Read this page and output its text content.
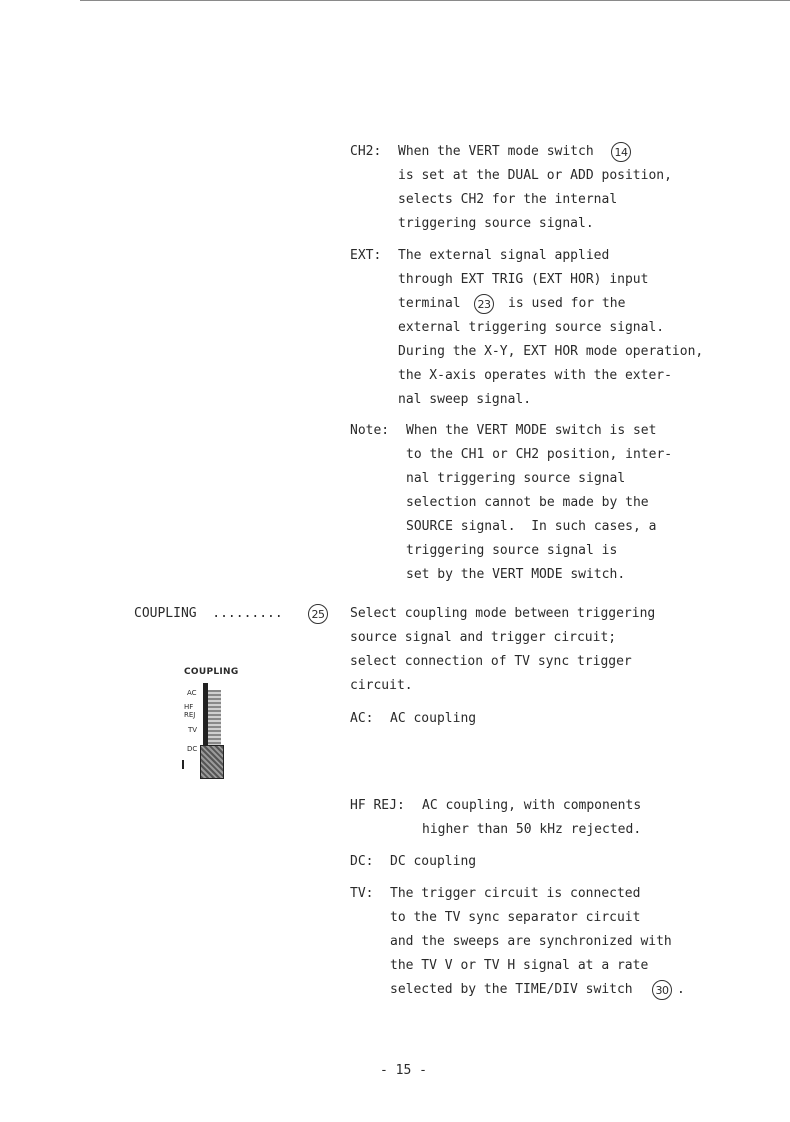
CH2: When the VERT mode switch	14
is set at the DUAL or ADD position,
selects CH2 for the internal
triggering source signal.
EXT: The external signal applied
through EXT TRIG (EXT HOR) input
terminal	23 is used for the
external triggering source signal.
During the X-Y, EXT HOR mode operation,
the X-axis operates with the exter-
nal sweep signal.
Note: When the VERT MODE switch is set
to the CH1 or CH2 position, inter-
nal triggering source signal
selection cannot be made by the
SOURCE signal.  In such cases, a
triggering source signal is
set by the VERT MODE switch.
COUPLING  .........	25 Select coupling mode between triggering
source signal and trigger circuit;
select connection of TV sync trigger
circuit.
COUPLING
AC
HF
REJ
TV
DC
AC: AC coupling
HF REJ: AC coupling, with components
higher than 50 kHz rejected.
DC: DC coupling
TV: The trigger circuit is connected
to the TV sync separator circuit
and the sweeps are synchronized with
the TV V or TV H signal at a rate
selected by the TIME/DIV switch	30 .
- 15 -
